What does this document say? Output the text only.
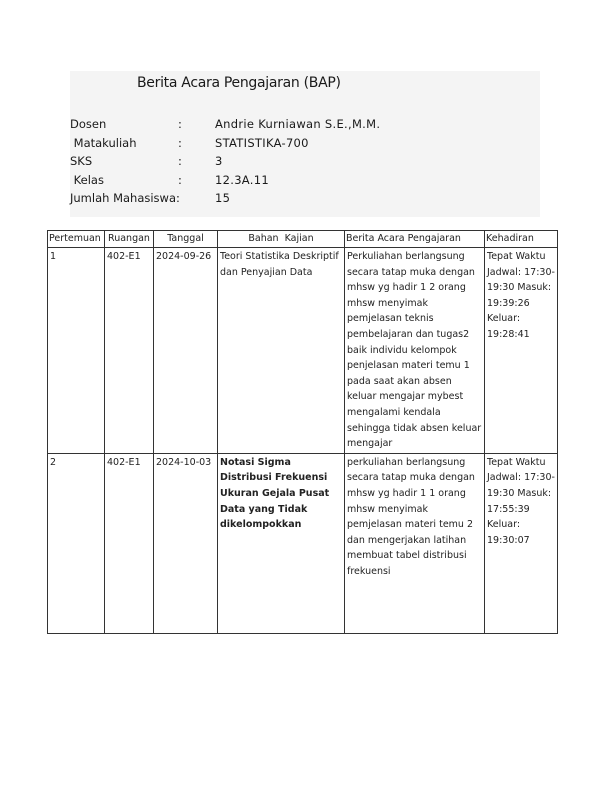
Berita Acara Pengajaran (BAP)
Dosen	:	Andrie Kurniawan S.E.,M.M.
Matakuliah	:	STATISTIKA-700
SKS	:	3
Kelas	:	12.3A.11
Jumlah Mahasiswa:	15
Pertemuan	Ruangan	Tanggal	Bahan  Kajian	Berita Acara Pengajaran	Kehadiran
1	402-E1	2024-09-26	Teori Statistika Deskriptif dan Penyajian Data	Perkuliahan berlangsung secara tatap muka dengan mhsw yg hadir 1 2 orang mhsw menyimak pemjelasan teknis pembelajaran dan tugas2 baik individu kelompok penjelasan materi temu 1 pada saat akan absen keluar mengajar mybest mengalami kendala sehingga tidak absen keluar mengajar	Tepat Waktu Jadwal: 17:30-19:30 Masuk: 19:39:26 Keluar: 19:28:41
2	402-E1	2024-10-03	Notasi Sigma Distribusi Frekuensi Ukuran Gejala Pusat Data yang Tidak dikelompokkan	perkuliahan berlangsung secara tatap muka dengan mhsw yg hadir 1 1 orang mhsw menyimak pemjelasan materi temu 2 dan mengerjakan latihan membuat tabel distribusi frekuensi	Tepat Waktu Jadwal: 17:30-19:30 Masuk: 17:55:39 Keluar: 19:30:07
